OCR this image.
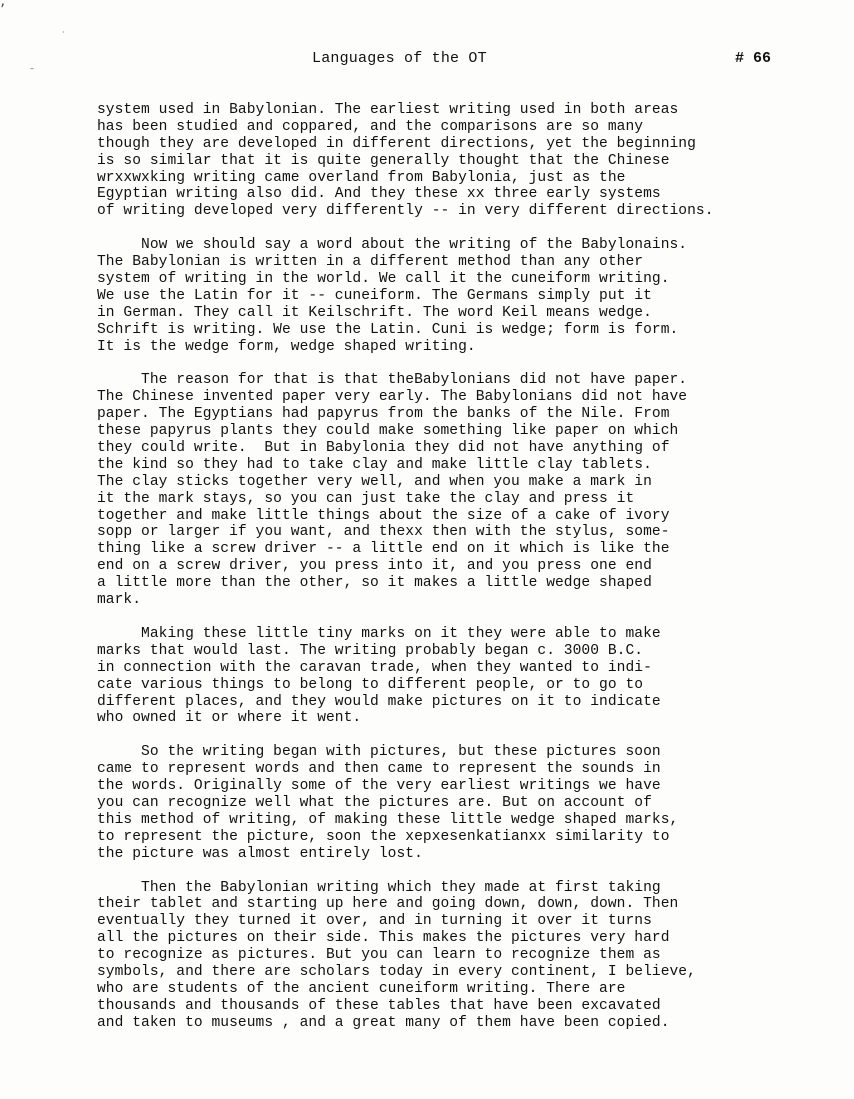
’
·
–
Languages of the OT	# 66
system used in Babylonian. The earliest writing used in both areas
has been studied and coppared, and the comparisons are so many
though they are developed in different directions, yet the beginning
is so similar that it is quite generally thought that the Chinese
wrxxwxking writing came overland from Babylonia, just as the
Egyptian writing also did. And they these xx three early systems
of writing developed very differently -- in very different directions.
Now we should say a word about the writing of the Babylonains.
The Babylonian is written in a different method than any other
system of writing in the world. We call it the cuneiform writing.
We use the Latin for it -- cuneiform. The Germans simply put it
in German. They call it Keilschrift. The word Keil means wedge.
Schrift is writing. We use the Latin. Cuni is wedge; form is form.
It is the wedge form, wedge shaped writing.
The reason for that is that theBabylonians did not have paper.
The Chinese invented paper very early. The Babylonians did not have
paper. The Egyptians had papyrus from the banks of the Nile. From
these papyrus plants they could make something like paper on which
they could write.  But in Babylonia they did not have anything of
the kind so they had to take clay and make little clay tablets.
The clay sticks together very well, and when you make a mark in
it the mark stays, so you can just take the clay and press it
together and make little things about the size of a cake of ivory
sopp or larger if you want, and thexx then with the stylus, some-
thing like a screw driver -- a little end on it which is like the
end on a screw driver, you press into it, and you press one end
a little more than the other, so it makes a little wedge shaped
mark.
Making these little tiny marks on it they were able to make
marks that would last. The writing probably began c. 3000 B.C.
in connection with the caravan trade, when they wanted to indi-
cate various things to belong to different people, or to go to
different places, and they would make pictures on it to indicate
who owned it or where it went.
So the writing began with pictures, but these pictures soon
came to represent words and then came to represent the sounds in
the words. Originally some of the very earliest writings we have
you can recognize well what the pictures are. But on account of
this method of writing, of making these little wedge shaped marks,
to represent the picture, soon the xepxesenkatianxx similarity to
the picture was almost entirely lost.
Then the Babylonian writing which they made at first taking
their tablet and starting up here and going down, down, down. Then
eventually they turned it over, and in turning it over it turns
all the pictures on their side. This makes the pictures very hard
to recognize as pictures. But you can learn to recognize them as
symbols, and there are scholars today in every continent, I believe,
who are students of the ancient cuneiform writing. There are
thousands and thousands of these tables that have been excavated
and taken to museums , and a great many of them have been copied.
